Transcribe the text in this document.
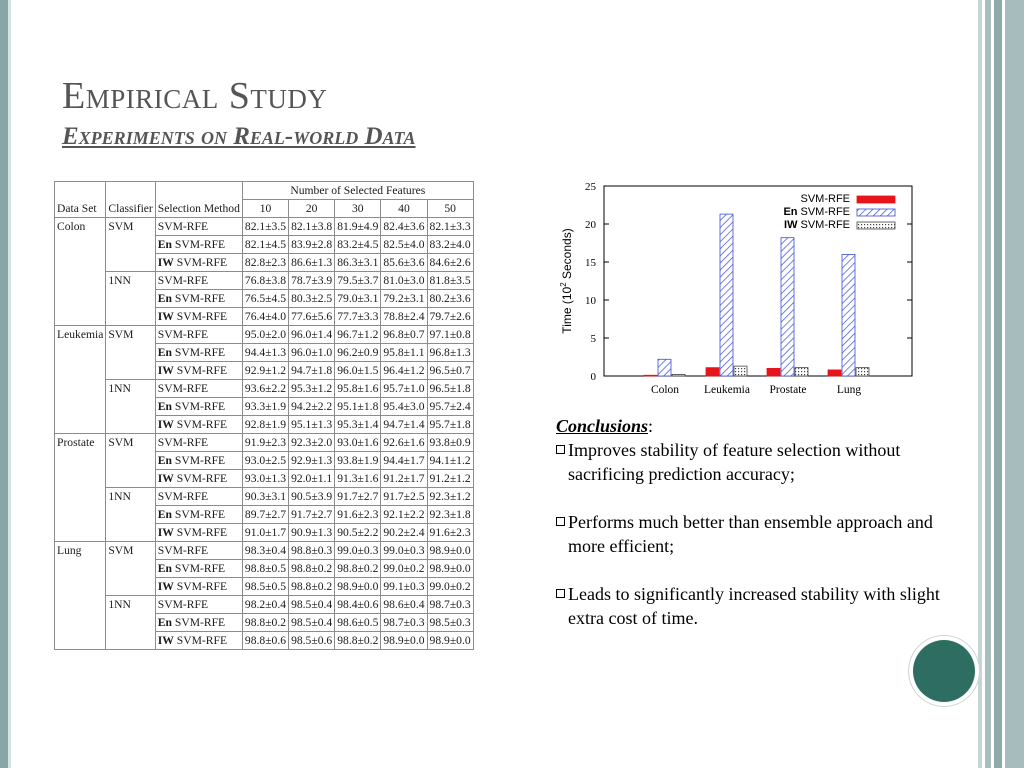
Empirical Study
Experiments on Real-world Data
Data Set	Classifier	Selection Method	Number of Selected Features				
			10	20	30	40	50
Colon	SVM	SVM-RFE	82.1±3.5	82.1±3.8	81.9±4.9	82.4±3.6	82.1±3.3
		En SVM-RFE	82.1±4.5	83.9±2.8	83.2±4.5	82.5±4.0	83.2±4.0
		IW SVM-RFE	82.8±2.3	86.6±1.3	86.3±3.1	85.6±3.6	84.6±2.6
	1NN	SVM-RFE	76.8±3.8	78.7±3.9	79.5±3.7	81.0±3.0	81.8±3.5
		En SVM-RFE	76.5±4.5	80.3±2.5	79.0±3.1	79.2±3.1	80.2±3.6
		IW SVM-RFE	76.4±4.0	77.6±5.6	77.7±3.3	78.8±2.4	79.7±2.6
Leukemia	SVM	SVM-RFE	95.0±2.0	96.0±1.4	96.7±1.2	96.8±0.7	97.1±0.8
		En SVM-RFE	94.4±1.3	96.0±1.0	96.2±0.9	95.8±1.1	96.8±1.3
		IW SVM-RFE	92.9±1.2	94.7±1.8	96.0±1.5	96.4±1.2	96.5±0.7
	1NN	SVM-RFE	93.6±2.2	95.3±1.2	95.8±1.6	95.7±1.0	96.5±1.8
		En SVM-RFE	93.3±1.9	94.2±2.2	95.1±1.8	95.4±3.0	95.7±2.4
		IW SVM-RFE	92.8±1.9	95.1±1.3	95.3±1.4	94.7±1.4	95.7±1.8
Prostate	SVM	SVM-RFE	91.9±2.3	92.3±2.0	93.0±1.6	92.6±1.6	93.8±0.9
		En SVM-RFE	93.0±2.5	92.9±1.3	93.8±1.9	94.4±1.7	94.1±1.2
		IW SVM-RFE	93.0±1.3	92.0±1.1	91.3±1.6	91.2±1.7	91.2±1.2
	1NN	SVM-RFE	90.3±3.1	90.5±3.9	91.7±2.7	91.7±2.5	92.3±1.2
		En SVM-RFE	89.7±2.7	91.7±2.7	91.6±2.3	92.1±2.2	92.3±1.8
		IW SVM-RFE	91.0±1.7	90.9±1.3	90.5±2.2	90.2±2.4	91.6±2.3
Lung	SVM	SVM-RFE	98.3±0.4	98.8±0.3	99.0±0.3	99.0±0.3	98.9±0.0
		En SVM-RFE	98.8±0.5	98.8±0.2	98.8±0.2	99.0±0.2	98.9±0.0
		IW SVM-RFE	98.5±0.5	98.8±0.2	98.9±0.0	99.1±0.3	99.0±0.2
	1NN	SVM-RFE	98.2±0.4	98.5±0.4	98.4±0.6	98.6±0.4	98.7±0.3
		En SVM-RFE	98.8±0.2	98.5±0.4	98.6±0.5	98.7±0.3	98.5±0.3
		IW SVM-RFE	98.8±0.6	98.5±0.6	98.8±0.2	98.9±0.0	98.9±0.0
0
5
10
15
20
25
Time ($10^2$ Seconds)
Colon Leukemia Prostate	Lung
SVM-RFE
En SVM-RFE
IW SVM-RFE
Conclusions:
Improves stability of feature selection without sacrificing prediction accuracy;
Performs much better than ensemble approach and more efficient;
Leads to significantly increased stability with slight extra cost of time.
